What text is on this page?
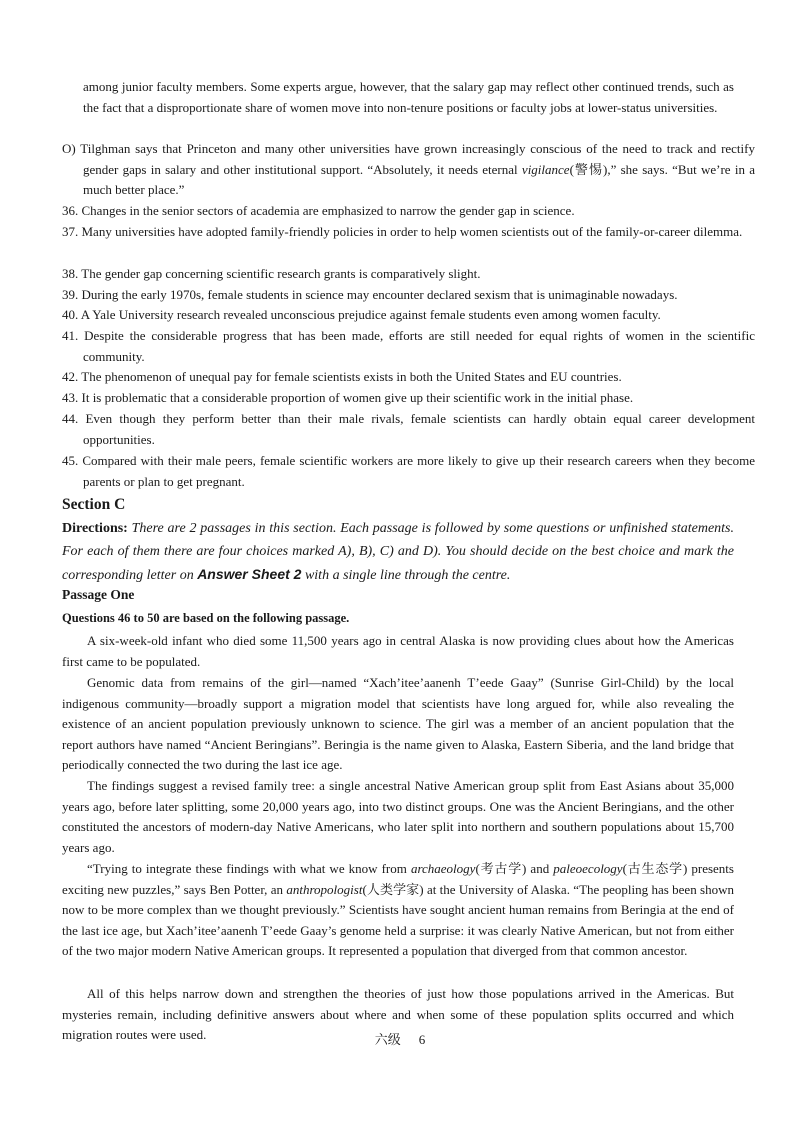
among junior faculty members. Some experts argue, however, that the salary gap may reflect other continued trends, such as the fact that a disproportionate share of women move into non-tenure positions or faculty jobs at lower-status universities.

O) Tilghman says that Princeton and many other universities have grown increasingly conscious of the need to track and rectify gender gaps in salary and other institutional support. “Absolutely, it needs eternal vigilance(警惕),” she says. “But we’re in a much better place.”

36. Changes in the senior sectors of academia are emphasized to narrow the gender gap in science.

37. Many universities have adopted family-friendly policies in order to help women scientists out of the family-or-career dilemma.

38. The gender gap concerning scientific research grants is comparatively slight.

39. During the early 1970s, female students in science may encounter declared sexism that is unimaginable nowadays.

40. A Yale University research revealed unconscious prejudice against female students even among women faculty.

41. Despite the considerable progress that has been made, efforts are still needed for equal rights of women in the scientific community.

42. The phenomenon of unequal pay for female scientists exists in both the United States and EU countries.

43. It is problematic that a considerable proportion of women give up their scientific work in the initial phase.

44. Even though they perform better than their male rivals, female scientists can hardly obtain equal career development opportunities.

45. Compared with their male peers, female scientific workers are more likely to give up their research careers when they become parents or plan to get pregnant.

Section C

Directions: There are 2 passages in this section. Each passage is followed by some questions or unfinished statements. For each of them there are four choices marked A), B), C) and D). You should decide on the best choice and mark the corresponding letter on Answer Sheet 2 with a single line through the centre.

Passage One
Questions 46 to 50 are based on the following passage.

A six-week-old infant who died some 11,500 years ago in central Alaska is now providing clues about how the Americas first came to be populated.

Genomic data from remains of the girl—named “Xach’itee’aanenh T’eede Gaay” (Sunrise Girl-Child) by the local indigenous community—broadly support a migration model that scientists have long argued for, while also revealing the existence of an ancient population previously unknown to science. The girl was a member of an ancient population that the report authors have named “Ancient Beringians”. Beringia is the name given to Alaska, Eastern Siberia, and the land bridge that periodically connected the two during the last ice age.

The findings suggest a revised family tree: a single ancestral Native American group split from East Asians about 35,000 years ago, before later splitting, some 20,000 years ago, into two distinct groups. One was the Ancient Beringians, and the other constituted the ancestors of modern-day Native Americans, who later split into northern and southern populations about 15,700 years ago.

“Trying to integrate these findings with what we know from archaeology(考古学) and paleoecology(古生态学) presents exciting new puzzles,” says Ben Potter, an anthropologist(人类学家) at the University of Alaska. “The peopling has been shown now to be more complex than we thought previously.” Scientists have sought ancient human remains from Beringia at the end of the last ice age, but Xach’itee’aanenh T’eede Gaay’s genome held a surprise: it was clearly Native American, but not from either of the two major modern Native American groups. It represented a population that diverged from that common ancestor.

All of this helps narrow down and strengthen the theories of just how those populations arrived in the Americas. But mysteries remain, including definitive answers about where and when some of these population splits occurred and which migration routes were used.	六级 6
